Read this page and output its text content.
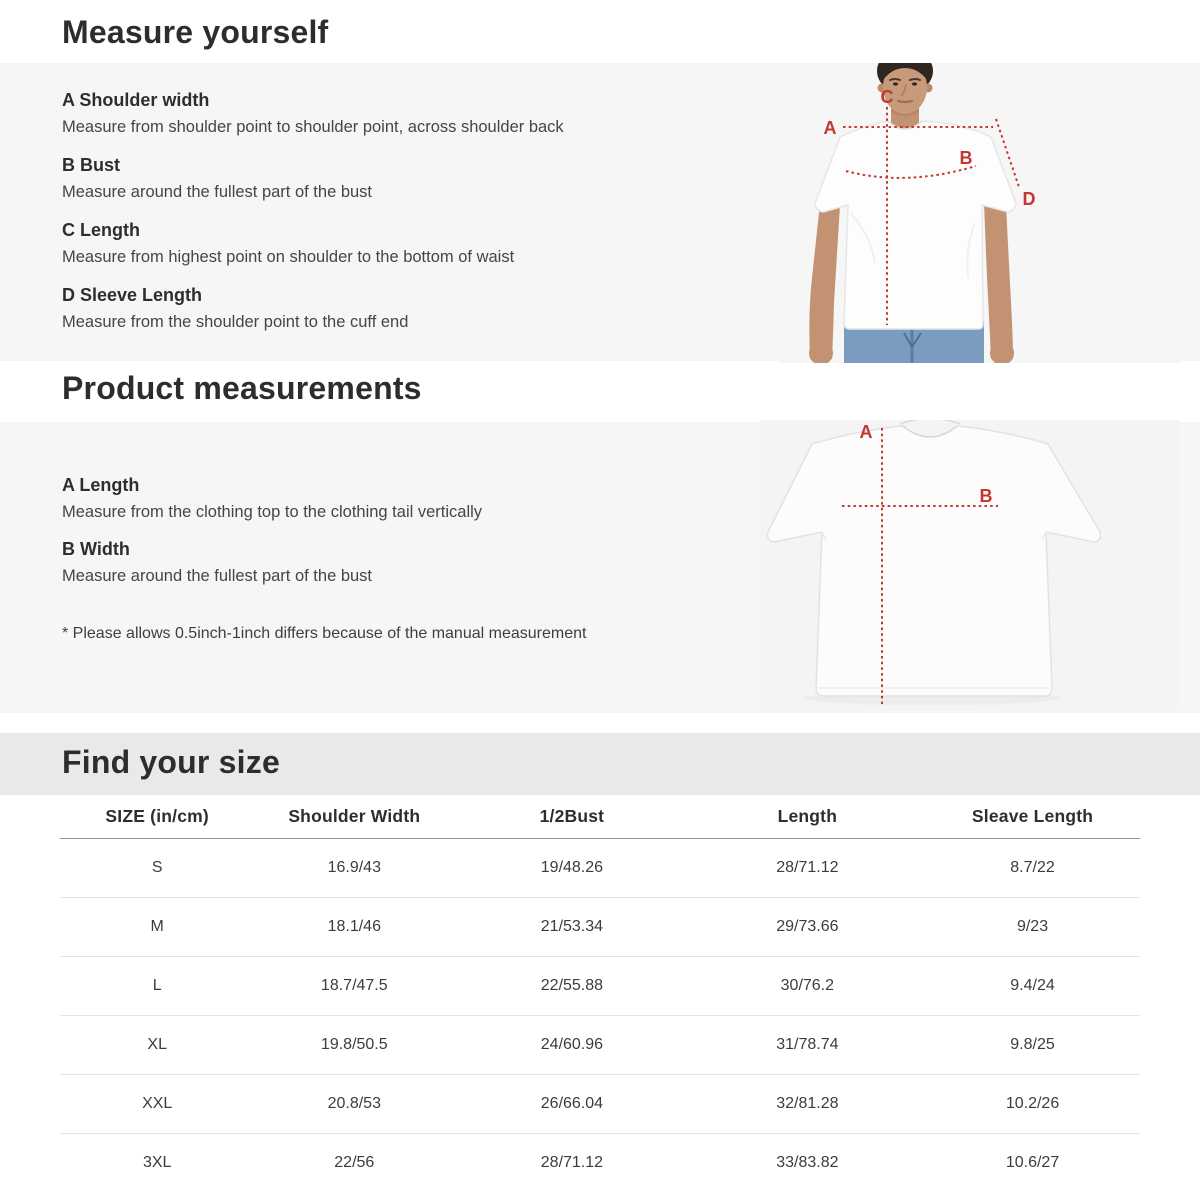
Measure yourself
A Shoulder width
Measure from shoulder point to shoulder point, across shoulder back
B Bust
Measure around the fullest part of the bust
C Length
Measure from highest point on shoulder to the bottom of waist
D Sleeve Length
Measure from the shoulder point to the cuff end
A
B
C
D
Product measurements
A Length
Measure from the clothing top to the clothing tail vertically
B Width
Measure around the fullest part of the bust
* Please allows 0.5inch-1inch differs because of the manual measurement
A
B
Find your size
SIZE (in/cm)	Shoulder Width	1/2Bust	Length	Sleave Length
S	16.9/43	19/48.26	28/71.12	8.7/22
M	18.1/46	21/53.34	29/73.66	9/23
L	18.7/47.5	22/55.88	30/76.2	9.4/24
XL	19.8/50.5	24/60.96	31/78.74	9.8/25
XXL	20.8/53	26/66.04	32/81.28	10.2/26
3XL	22/56	28/71.12	33/83.82	10.6/27
